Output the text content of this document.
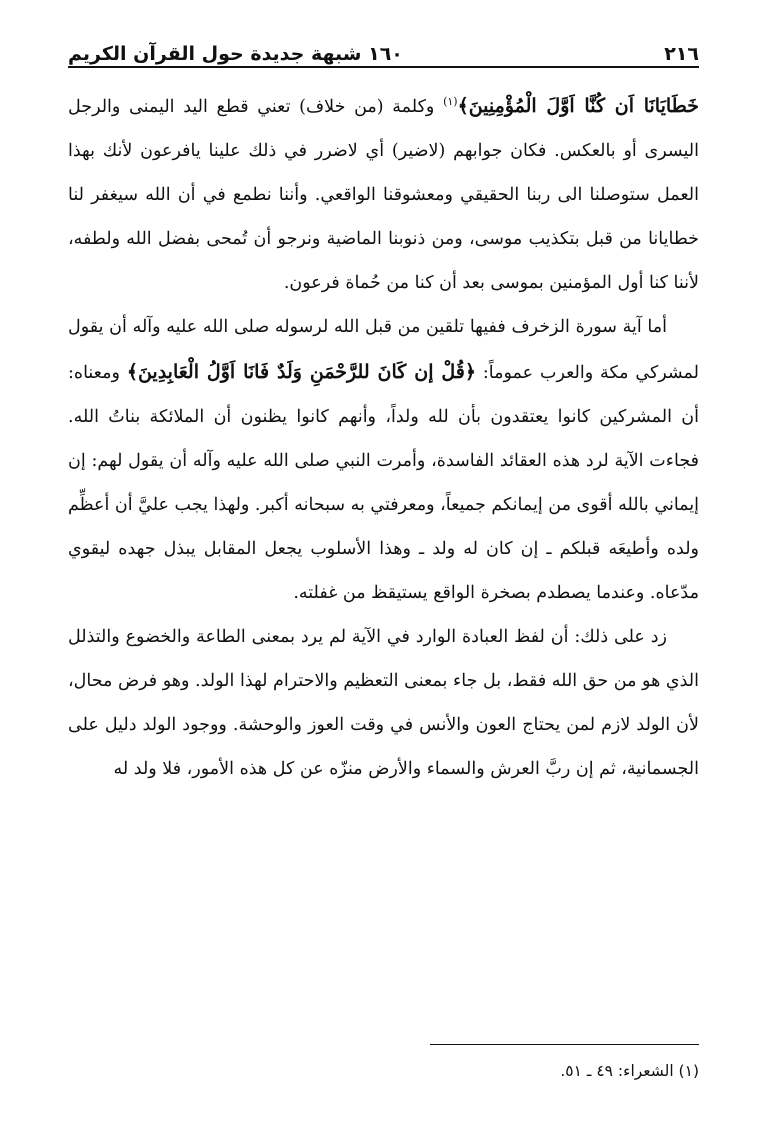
٢١٦
١٦٠ شبهة جديدة حول القرآن الكريم

خَطَايَانَا اَن كُنَّا اَوَّلَ الْمُؤْمِنِينَ﴾$^{(١)}$ وكلمة (من خلاف) تعني قطع اليد اليمنى والرجل اليسرى أو بالعكس. فكان جوابهم (لاضير) أي لاضرر في ذلك علينا يافرعون لأنك بهذا العمل ستوصلنا الى ربنا الحقيقي ومعشوقنا الواقعي. وأننا نطمع في أن الله سيغفر لنا خطايانا من قبل بتكذيب موسى، ومن ذنوبنا الماضية ونرجو أن تُمحى بفضل الله ولطفه، لأننا كنا أول المؤمنين بموسى بعد أن كنا من حُماة فرعون.

أما آية سورة الزخرف ففيها تلقين من قبل الله لرسوله صلى الله عليه وآله أن يقول لمشركي مكة والعرب عموماً: ﴿قُلْ إن كَانَ للرَّحْمَنِ وَلَدٌ فَانَا اَوَّلُ الْعَابِدِينَ﴾ ومعناه: أن المشركين كانوا يعتقدون بأن لله ولداً، وأنهم كانوا يظنون أن الملائكة بناتُ الله. فجاءت الآية لرد هذه العقائد الفاسدة، وأمرت النبي صلى الله عليه وآله أن يقول لهم: إن إيماني بالله أقوى من إيمانكم جميعاً، ومعرفتي به سبحانه أكبر. ولهذا يجب عليَّ أن أعظِّم ولده وأطيعَه قبلكم ـ إن كان له ولد ـ وهذا الأسلوب يجعل المقابل يبذل جهده ليقوي مدّعاه. وعندما يصطدم بصخرة الواقع يستيقظ من غفلته.

زد على ذلك: أن لفظ العبادة الوارد في الآية لم يرد بمعنى الطاعة والخضوع والتذلل الذي هو من حق الله فقط، بل جاء بمعنى التعظيم والاحترام لهذا الولد. وهو فرض محال، لأن الولد لازم لمن يحتاج العون والأنس في وقت العوز والوحشة. ووجود الولد دليل على الجسمانية، ثم إن ربَّ العرش والسماء والأرض منزّه عن كل هذه الأمور، فلا ولد له

(١) الشعراء: ٤٩ ـ ٥١.
